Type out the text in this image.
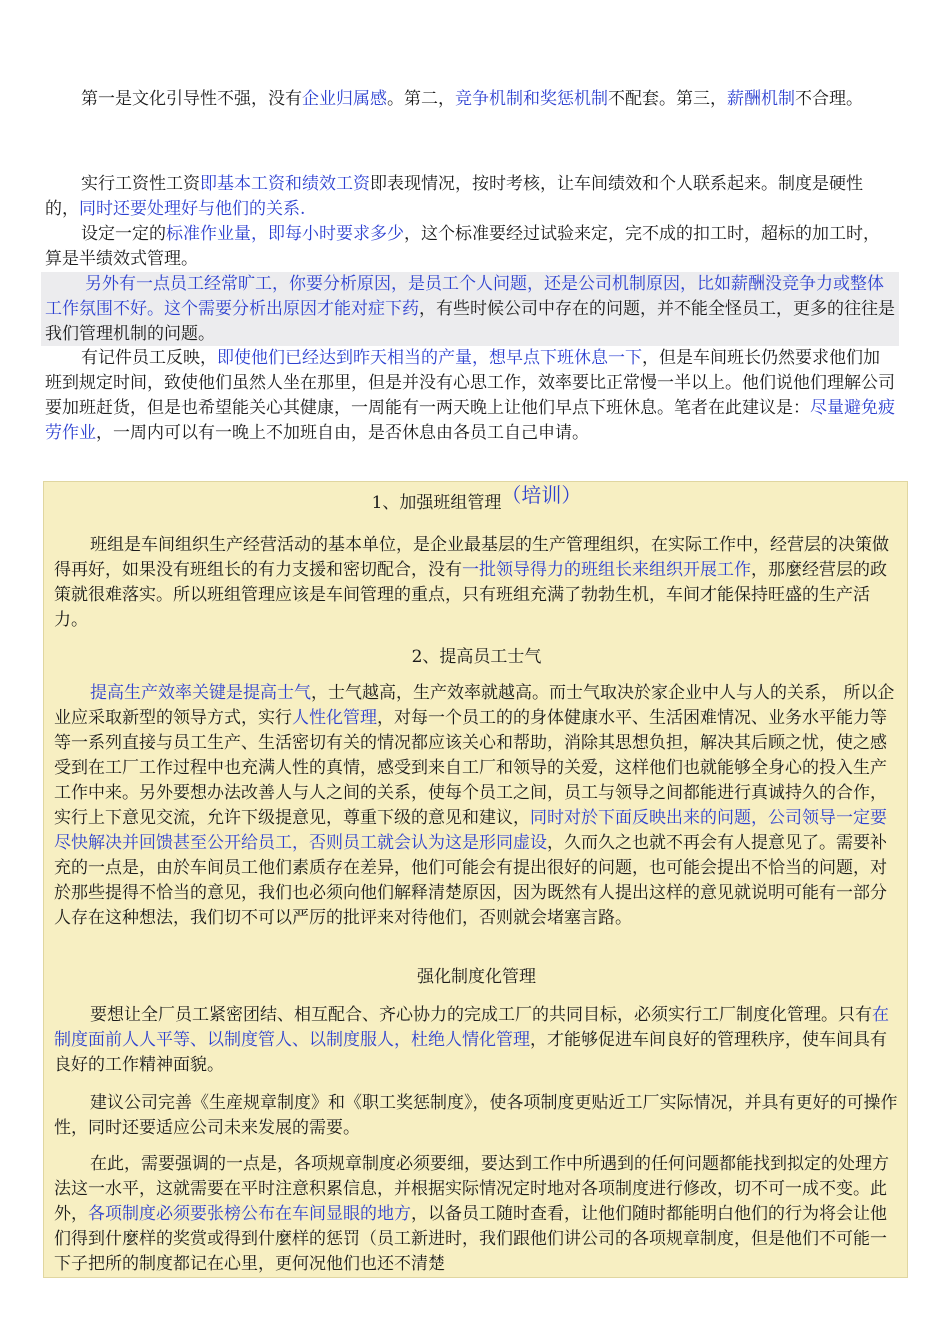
第一是文化引导性不强，没有企业归属感。第二，竞争机制和奖惩机制不配套。第三，薪酬机制不合理。

实行工资性工资即基本工资和绩效工资即表现情况，按时考核，让车间绩效和个人联系起来。制度是硬性的，同时还要处理好与他们的关系.

设定一定的标准作业量，即每小时要求多少，这个标准要经过试验来定，完不成的扣工时，超标的加工时，算是半绩效式管理。

另外有一点员工经常旷工，你要分析原因，是员工个人问题，还是公司机制原因，比如薪酬没竞争力或整体工作氛围不好。这个需要分析出原因才能对症下药，有些时候公司中存在的问题，并不能全怪员工，更多的往往是我们管理机制的问题。

有记件员工反映，即使他们已经达到昨天相当的产量，想早点下班休息一下，但是车间班长仍然要求他们加班到规定时间，致使他们虽然人坐在那里，但是并没有心思工作，效率要比正常慢一半以上。他们说他们理解公司要加班赶货，但是也希望能关心其健康，一周能有一两天晚上让他们早点下班休息。笔者在此建议是：尽量避免疲劳作业，一周内可以有一晚上不加班自由，是否休息由各员工自己申请。

1、加强班组管理（培训）

班组是车间组织生产经营活动的基本单位，是企业最基层的生产管理组织，在实际工作中，经营层的决策做得再好，如果没有班组长的有力支援和密切配合，没有一批领导得力的班组长来组织开展工作，那麼经营层的政策就很难落实。所以班组管理应该是车间管理的重点，只有班组充满了勃勃生机，车间才能保持旺盛的生产活力。

2、提高员工士气

提高生产效率关键是提高士气，士气越高，生产效率就越高。而士气取决於家企业中人与人的关系， 所以企业应采取新型的领导方式，实行人性化管理，对每一个员工的的身体健康水平、生活困难情况、业务水平能力等等一系列直接与员工生产、生活密切有关的情况都应该关心和帮助，消除其思想负担，解决其后顾之忧，使之感受到在工厂工作过程中也充满人性的真情，感受到来自工厂和领导的关爱，这样他们也就能够全身心的投入生产工作中来。另外要想办法改善人与人之间的关系，使每个员工之间，员工与领导之间都能进行真诚持久的合作，实行上下意见交流，允许下级提意见，尊重下级的意见和建议，同时对於下面反映出来的问题，公司领导一定要尽快解决并回馈甚至公开给员工，否则员工就会认为这是形同虚设，久而久之也就不再会有人提意见了。需要补充的一点是，由於车间员工他们素质存在差异，他们可能会有提出很好的问题，也可能会提出不恰当的问题，对於那些提得不恰当的意见，我们也必须向他们解释清楚原因，因为既然有人提出这样的意见就说明可能有一部分人存在这种想法，我们切不可以严厉的批评来对待他们，否则就会堵塞言路。

强化制度化管理

要想让全厂员工紧密团结、相互配合、齐心协力的完成工厂的共同目标，必须实行工厂制度化管理。只有在制度面前人人平等、以制度管人、以制度服人，杜绝人情化管理，才能够促进车间良好的管理秩序，使车间具有良好的工作精神面貌。

建议公司完善《生産规章制度》和《职工奖惩制度》，使各项制度更贴近工厂实际情况，并具有更好的可操作性，同时还要适应公司未来发展的需要。

在此，需要强调的一点是，各项规章制度必须要细，要达到工作中所遇到的任何问题都能找到拟定的处理方法这一水平，这就需要在平时注意积累信息，并根据实际情况定时地对各项制度进行修改，切不可一成不变。此外，各项制度必须要张榜公布在车间显眼的地方，以备员工随时查看，让他们随时都能明白他们的行为将会让他们得到什麼样的奖赏或得到什麼样的惩罚（员工新进时，我们跟他们讲公司的各项规章制度，但是他们不可能一下子把所的制度都记在心里，更何况他们也还不清楚
